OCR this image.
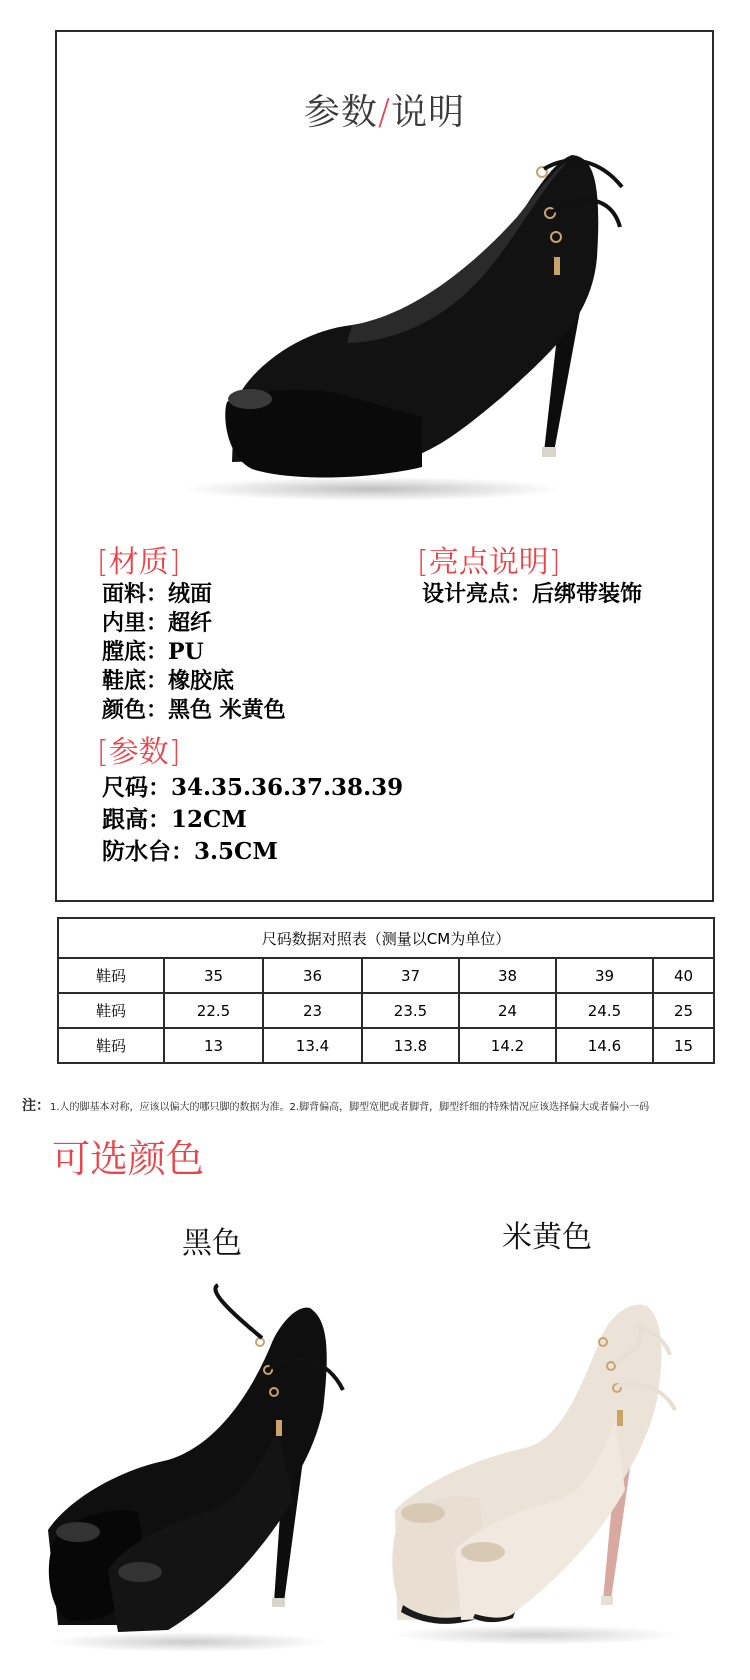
参数/说明
[材质]
面料：绒面
内里：超纤
膛底：PU
鞋底：橡胶底
颜色：黑色 米黄色
[亮点说明]
设计亮点：后绑带装饰
[参数]
尺码：34.35.36.37.38.39
跟高：12CM
防水台：3.5CM
尺码数据对照表（测量以CM为单位）						
鞋码	35	36	37	38	39	40
鞋码	22.5	23	23.5	24	24.5	25
鞋码	13	13.4	13.8	14.2	14.6	15
注：1.人的脚基本对称，应该以偏大的哪只脚的数据为准。2.脚背偏高，脚型宽肥或者脚背，脚型纤细的特殊情况应该选择偏大或者偏小一码
可选颜色
黑色	米黄色
